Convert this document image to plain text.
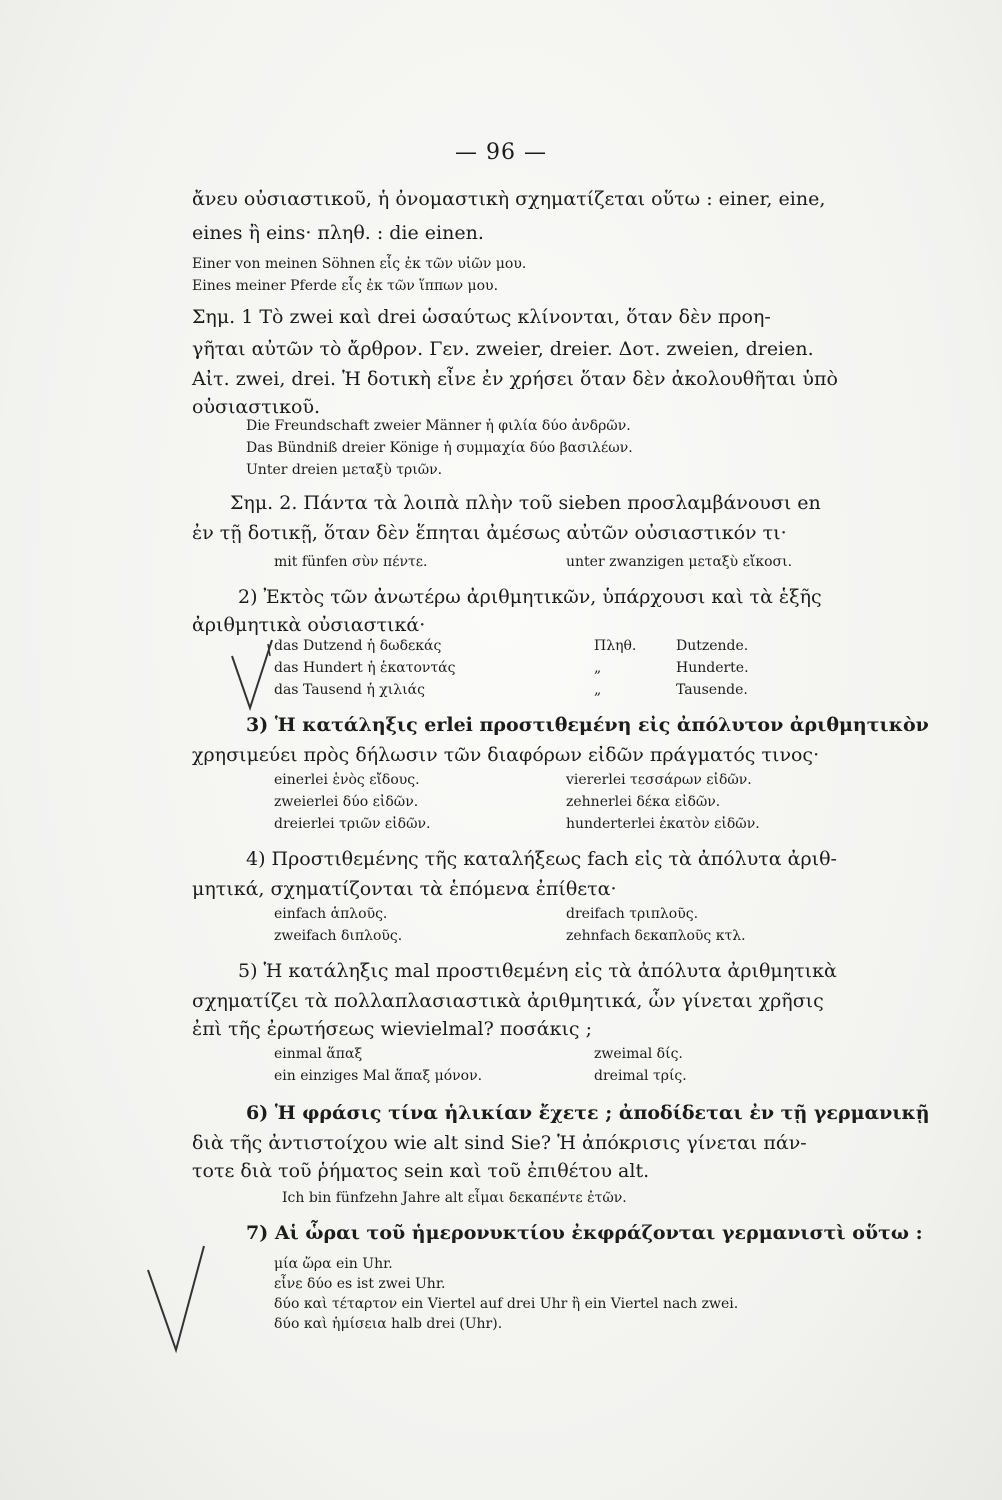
— 96 —
ἄνευ οὐσιαστικοῦ, ἡ ὀνομαστικὴ σχηματίζεται οὕτω : einer, eine,
eines ἢ eins· πληθ. : die einen.
Einer von meinen Söhnen εἷς ἐκ τῶν υἱῶν μου.
Eines meiner Pferde εἷς ἐκ τῶν ἵππων μου.
Σημ. 1 Τὸ zwei καὶ drei ὡσαύτως κλίνονται, ὅταν δὲν προη-
γῆται αὐτῶν τὸ ἄρθρον. Γεν. zweier, dreier. Δοτ. zweien, dreien.
Αἰτ. zwei, drei. Ἡ δοτικὴ εἶνε ἐν χρήσει ὅταν δὲν ἀκολουθῆται ὑπὸ
οὐσιαστικοῦ.
Die Freundschaft zweier Männer ἡ φιλία δύο ἀνδρῶν.
Das Bündniß dreier Könige ἡ συμμαχία δύο βασιλέων.
Unter dreien μεταξὺ τριῶν.
Σημ. 2. Πάντα τὰ λοιπὰ πλὴν τοῦ sieben προσλαμβάνουσι en
ἐν τῇ δοτικῇ, ὅταν δὲν ἕπηται ἀμέσως αὐτῶν οὐσιαστικόν τι·
mit fünfen σὺν πέντε.	unter zwanzigen μεταξὺ εἴκοσι.
2) Ἐκτὸς τῶν ἀνωτέρω ἀριθμητικῶν, ὑπάρχουσι καὶ τὰ ἑξῆς
ἀριθμητικὰ οὐσιαστικά·
das Dutzend ἡ δωδεκάς	Πληθ.	Dutzende.
das Hundert ἡ ἑκατοντάς	„	Hunderte.
das Tausend ἡ χιλιάς	„	Tausende.
3) Ἡ κατάληξις erlei προστιθεμένη εἰς ἀπόλυτον ἀριθμητικὸν
χρησιμεύει πρὸς δήλωσιν τῶν διαφόρων εἰδῶν πράγματός τινος·
einerlei ἑνὸς εἴδους.	viererlei τεσσάρων εἰδῶν.
zweierlei δύο εἰδῶν.	zehnerlei δέκα εἰδῶν.
dreierlei τριῶν εἰδῶν.	hunderterlei ἑκατὸν εἰδῶν.
4) Προστιθεμένης τῆς καταλήξεως fach εἰς τὰ ἀπόλυτα ἀριθ-
μητικά, σχηματίζονται τὰ ἑπόμενα ἐπίθετα·
einfach ἁπλοῦς.	dreifach τριπλοῦς.
zweifach διπλοῦς.	zehnfach δεκαπλοῦς κτλ.
5) Ἡ κατάληξις mal προστιθεμένη εἰς τὰ ἀπόλυτα ἀριθμητικὰ
σχηματίζει τὰ πολλαπλασιαστικὰ ἀριθμητικά, ὧν γίνεται χρῆσις
ἐπὶ τῆς ἐρωτήσεως wievielmal? ποσάκις ;
einmal ἅπαξ	zweimal δίς.
ein einziges Mal ἅπαξ μόνον.	dreimal τρίς.
6) Ἡ φράσις τίνα ἡλικίαν ἔχετε ; ἀποδίδεται ἐν τῇ γερμανικῇ
διὰ τῆς ἀντιστοίχου wie alt sind Sie? Ἡ ἀπόκρισις γίνεται πάν-
τοτε διὰ τοῦ ῥήματος sein καὶ τοῦ ἐπιθέτου alt.
Ich bin fünfzehn Jahre alt εἶμαι δεκαπέντε ἐτῶν.
7) Αἱ ὧραι τοῦ ἡμερονυκτίου ἐκφράζονται γερμανιστὶ οὕτω :
μία ὥρα ein Uhr.
εἶνε δύο es ist zwei Uhr.
δύο καὶ τέταρτον ein Viertel auf drei Uhr ἢ ein Viertel nach zwei.
δύο καὶ ἡμίσεια halb drei (Uhr).
